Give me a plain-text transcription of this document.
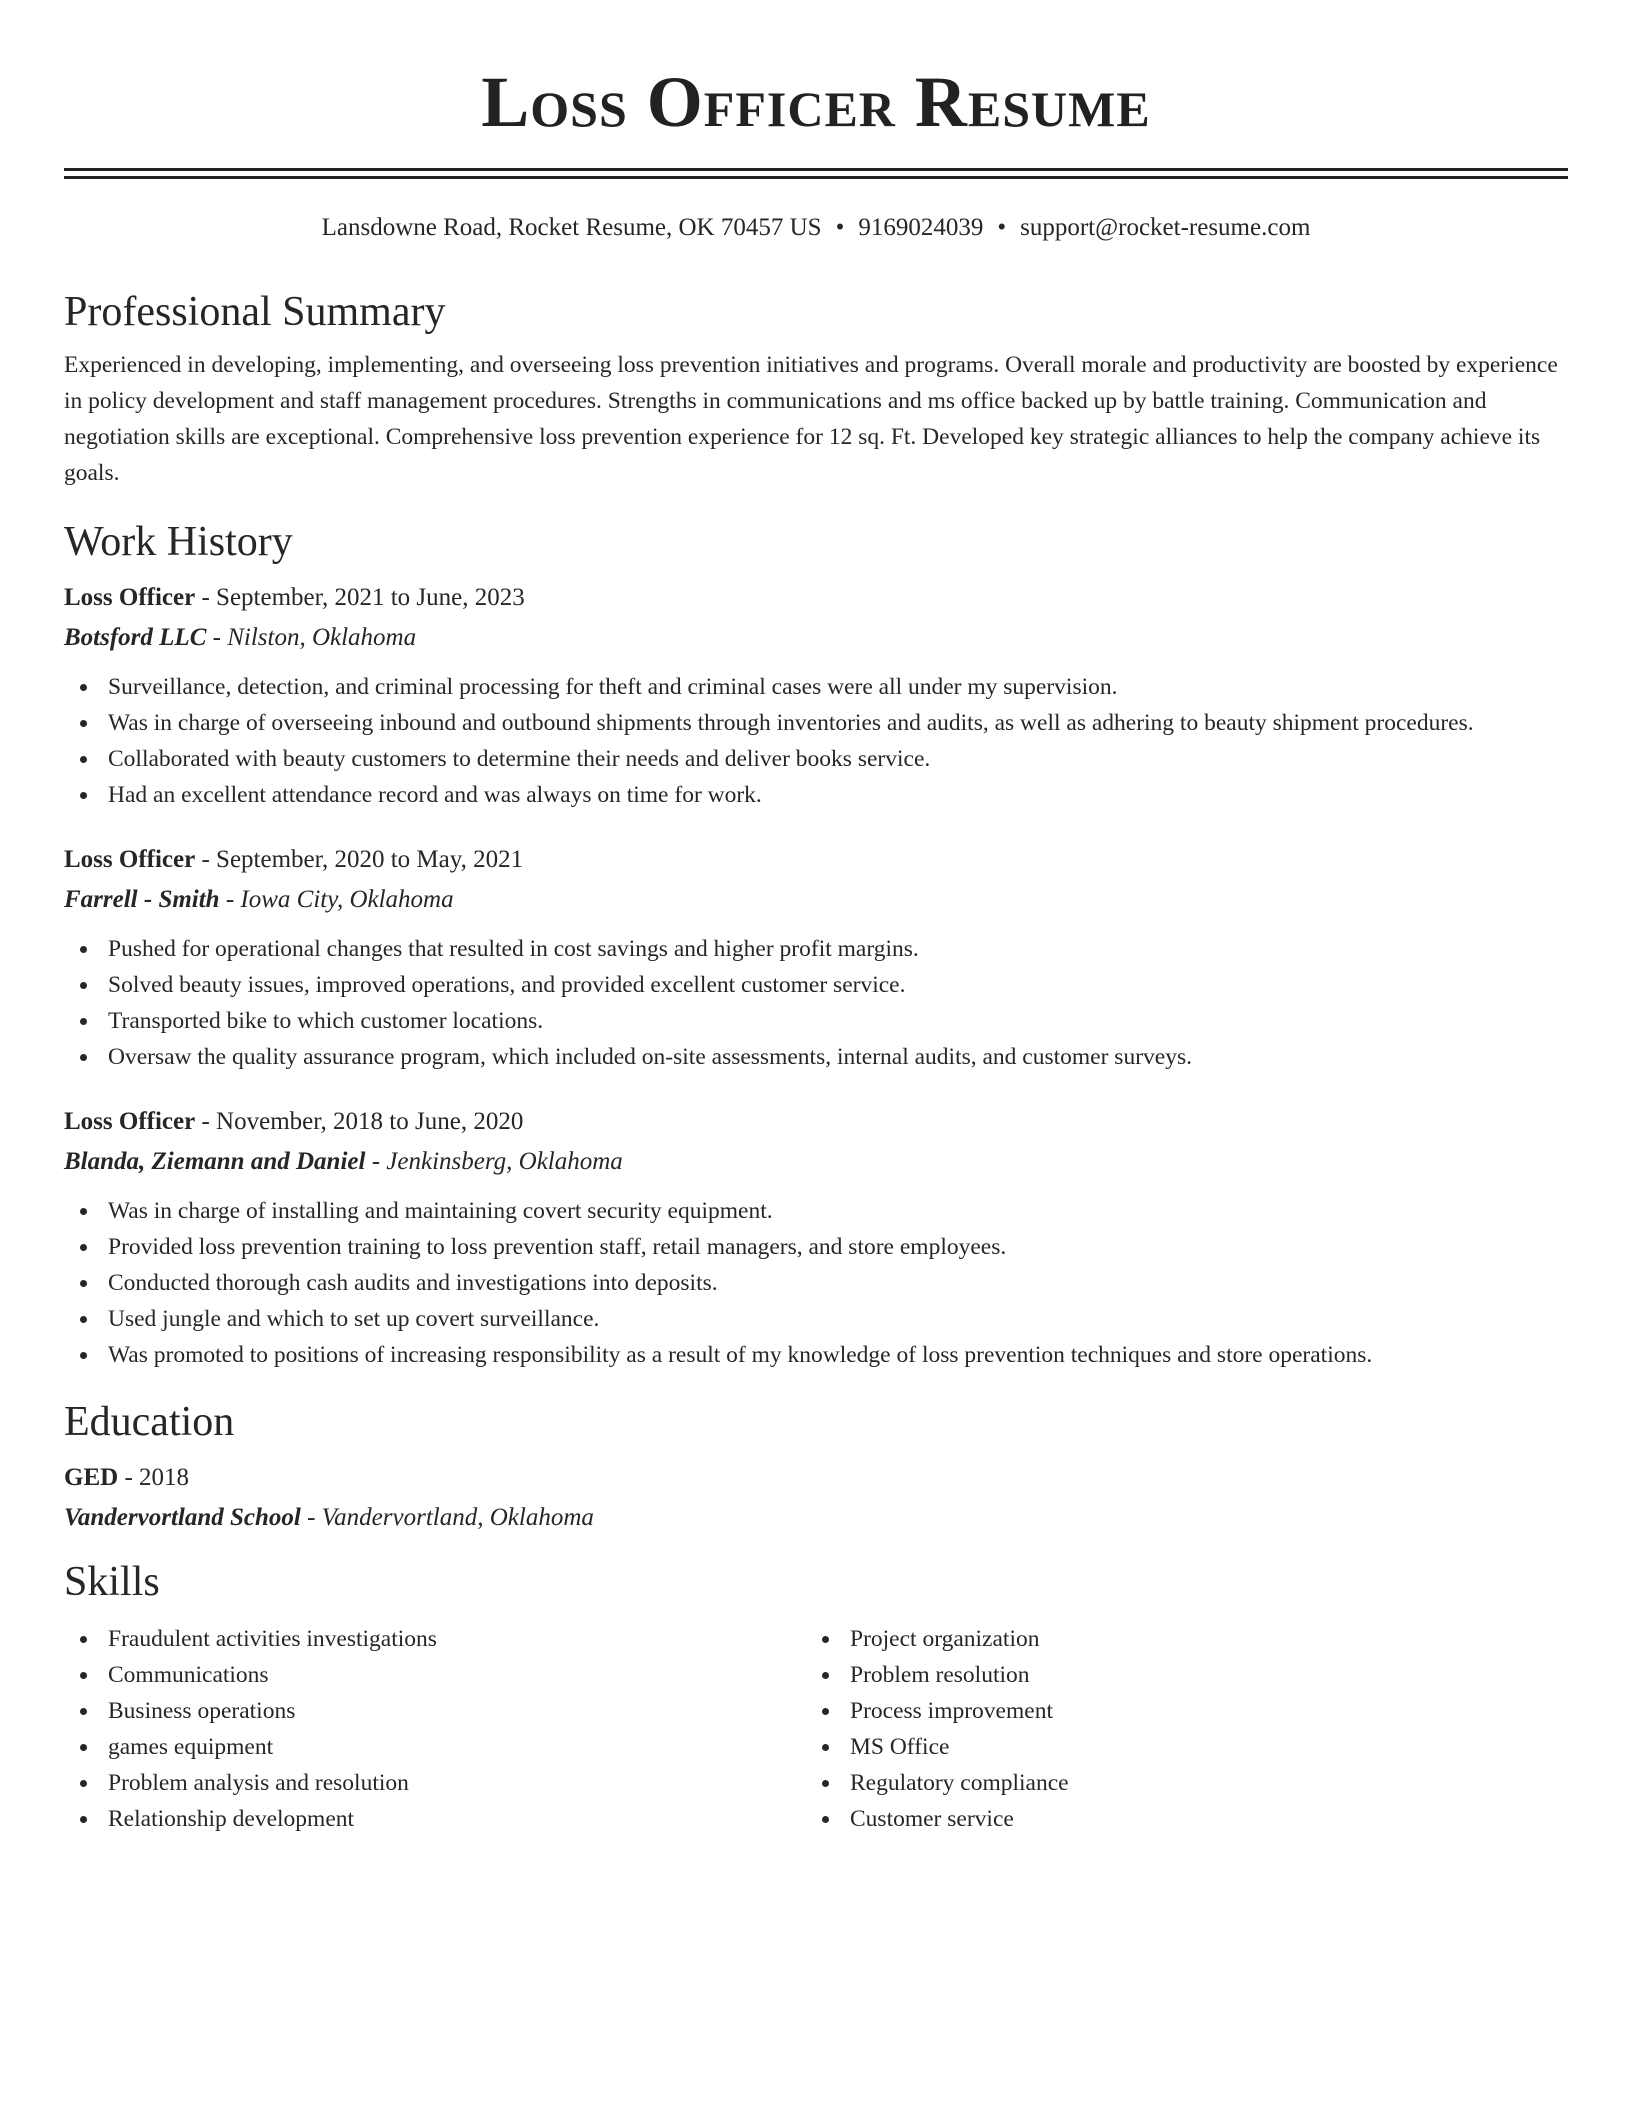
Loss Officer Resume
Lansdowne Road, Rocket Resume, OK 70457 US • 9169024039 • support@rocket-resume.com
Professional Summary

Experienced in developing, implementing, and overseeing loss prevention initiatives and programs. Overall morale and productivity are boosted by experience in policy development and staff management procedures. Strengths in communications and ms office backed up by battle training. Communication and negotiation skills are exceptional. Comprehensive loss prevention experience for 12 sq. Ft. Developed key strategic alliances to help the company achieve its goals.

Work History

Loss Officer - September, 2021 to June, 2023

Botsford LLC - Nilston, Oklahoma

Surveillance, detection, and criminal processing for theft and criminal cases were all under my supervision.
Was in charge of overseeing inbound and outbound shipments through inventories and audits, as well as adhering to beauty shipment procedures.
Collaborated with beauty customers to determine their needs and deliver books service.
Had an excellent attendance record and was always on time for work.

Loss Officer - September, 2020 to May, 2021

Farrell - Smith - Iowa City, Oklahoma

Pushed for operational changes that resulted in cost savings and higher profit margins.
Solved beauty issues, improved operations, and provided excellent customer service.
Transported bike to which customer locations.
Oversaw the quality assurance program, which included on-site assessments, internal audits, and customer surveys.

Loss Officer - November, 2018 to June, 2020

Blanda, Ziemann and Daniel - Jenkinsberg, Oklahoma

Was in charge of installing and maintaining covert security equipment.
Provided loss prevention training to loss prevention staff, retail managers, and store employees.
Conducted thorough cash audits and investigations into deposits.
Used jungle and which to set up covert surveillance.
Was promoted to positions of increasing responsibility as a result of my knowledge of loss prevention techniques and store operations.
Education

GED - 2018

Vandervortland School - Vandervortland, Oklahoma

Skills
Fraudulent activities investigations
Communications
Business operations
games equipment
Problem analysis and resolution
Relationship development
Project organization
Problem resolution
Process improvement
MS Office
Regulatory compliance
Customer service
